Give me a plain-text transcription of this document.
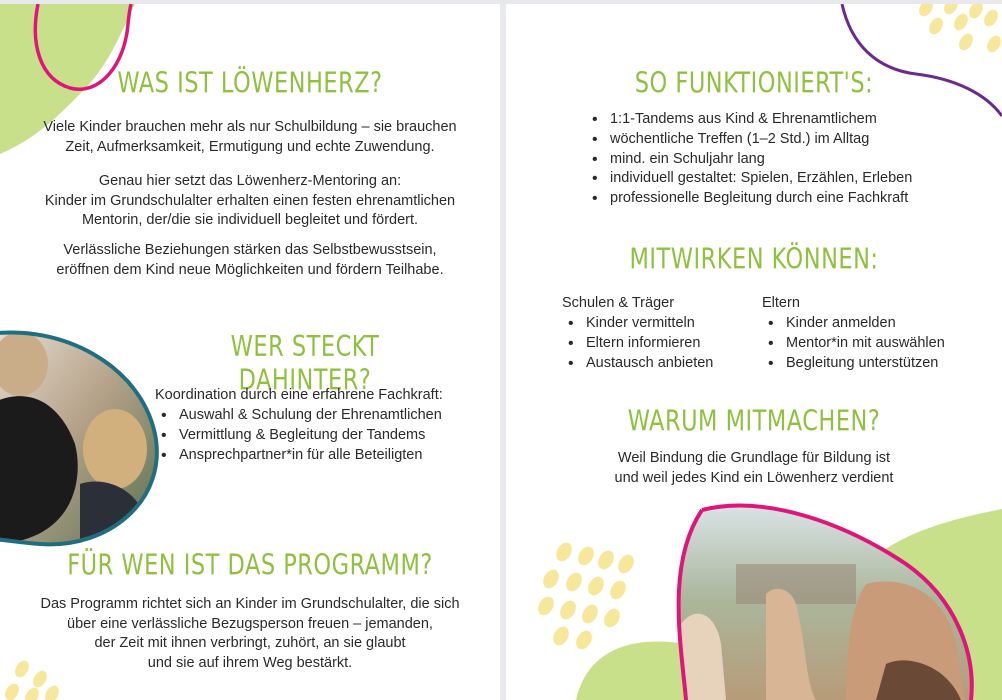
WAS IST LÖWENHERZ?

Viele Kinder brauchen mehr als nur Schulbildung – sie brauchen
Zeit, Aufmerksamkeit, Ermutigung und echte Zuwendung.

Genau hier setzt das Löwenherz-Mentoring an:
Kinder im Grundschulalter erhalten einen festen ehrenamtlichen
Mentorin, der/die sie individuell begleitet und fördert.

Verlässliche Beziehungen stärken das Selbstbewusstsein,
eröffnen dem Kind neue Möglichkeiten und fördern Teilhabe.

WER STECKT DAHINTER?
Koordination durch eine erfahrene Fachkraft:
• Auswahl & Schulung der Ehrenamtlichen
• Vermittlung & Begleitung der Tandems
• Ansprechpartner*in für alle Beteiligten
FÜR WEN IST DAS PROGRAMM?

Das Programm richtet sich an Kinder im Grundschulalter, die sich
über eine verlässliche Bezugsperson freuen – jemanden,
der Zeit mit ihnen verbringt, zuhört, an sie glaubt
und sie auf ihrem Weg bestärkt.

SO FUNKTIONIERT'S:
• 1:1-Tandems aus Kind & Ehrenamtlichem
• wöchentliche Treffen (1–2 Std.) im Alltag
• mind. ein Schuljahr lang
• individuell gestaltet: Spielen, Erzählen, Erleben
• professionelle Begleitung durch eine Fachkraft
MITWIRKEN KÖNNEN:
Schulen & Träger
• Kinder vermitteln
• Eltern informieren
• Austausch anbieten
Eltern
• Kinder anmelden
• Mentor*in mit auswählen
• Begleitung unterstützen
WARUM MITMACHEN?

Weil Bindung die Grundlage für Bildung ist
und weil jedes Kind ein Löwenherz verdient
